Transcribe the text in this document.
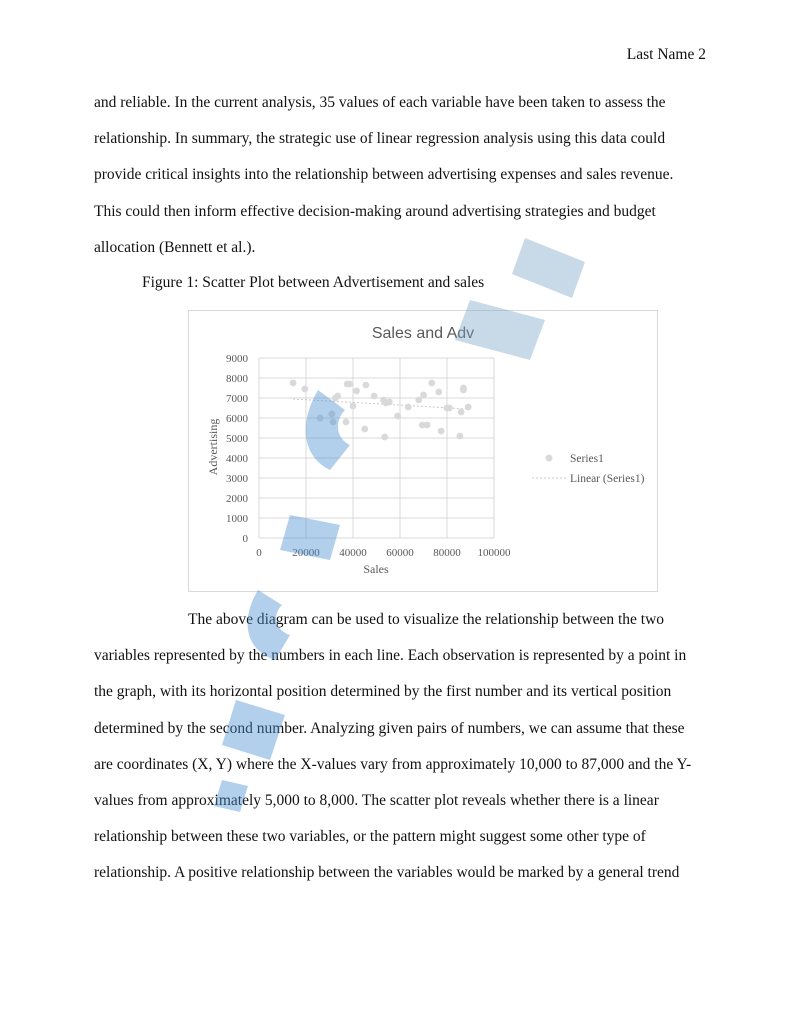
Last Name 2

and reliable. In the current analysis, 35 values of each variable have been taken to assess the
relationship. In summary, the strategic use of linear regression analysis using this data could
provide critical insights into the relationship between advertising expenses and sales revenue.
This could then inform effective decision-making around advertising strategies and budget
allocation (Bennett et al.).

Figure 1: Scatter Plot between Advertisement and sales
0
1000
2000
3000
4000
5000
6000
7000
8000
9000
0	20000 40000 60000 80000 100000
Sales and Adv
Sales
Advertising	Series1
Linear (Series1)

The above diagram can be used to visualize the relationship between the two
variables represented by the numbers in each line. Each observation is represented by a point in
the graph, with its horizontal position determined by the first number and its vertical position
determined by the second number. Analyzing given pairs of numbers, we can assume that these
are coordinates (X, Y) where the X-values vary from approximately 10,000 to 87,000 and the Y-
values from approximately 5,000 to 8,000. The scatter plot reveals whether there is a linear
relationship between these two variables, or the pattern might suggest some other type of
relationship. A positive relationship between the variables would be marked by a general trend
